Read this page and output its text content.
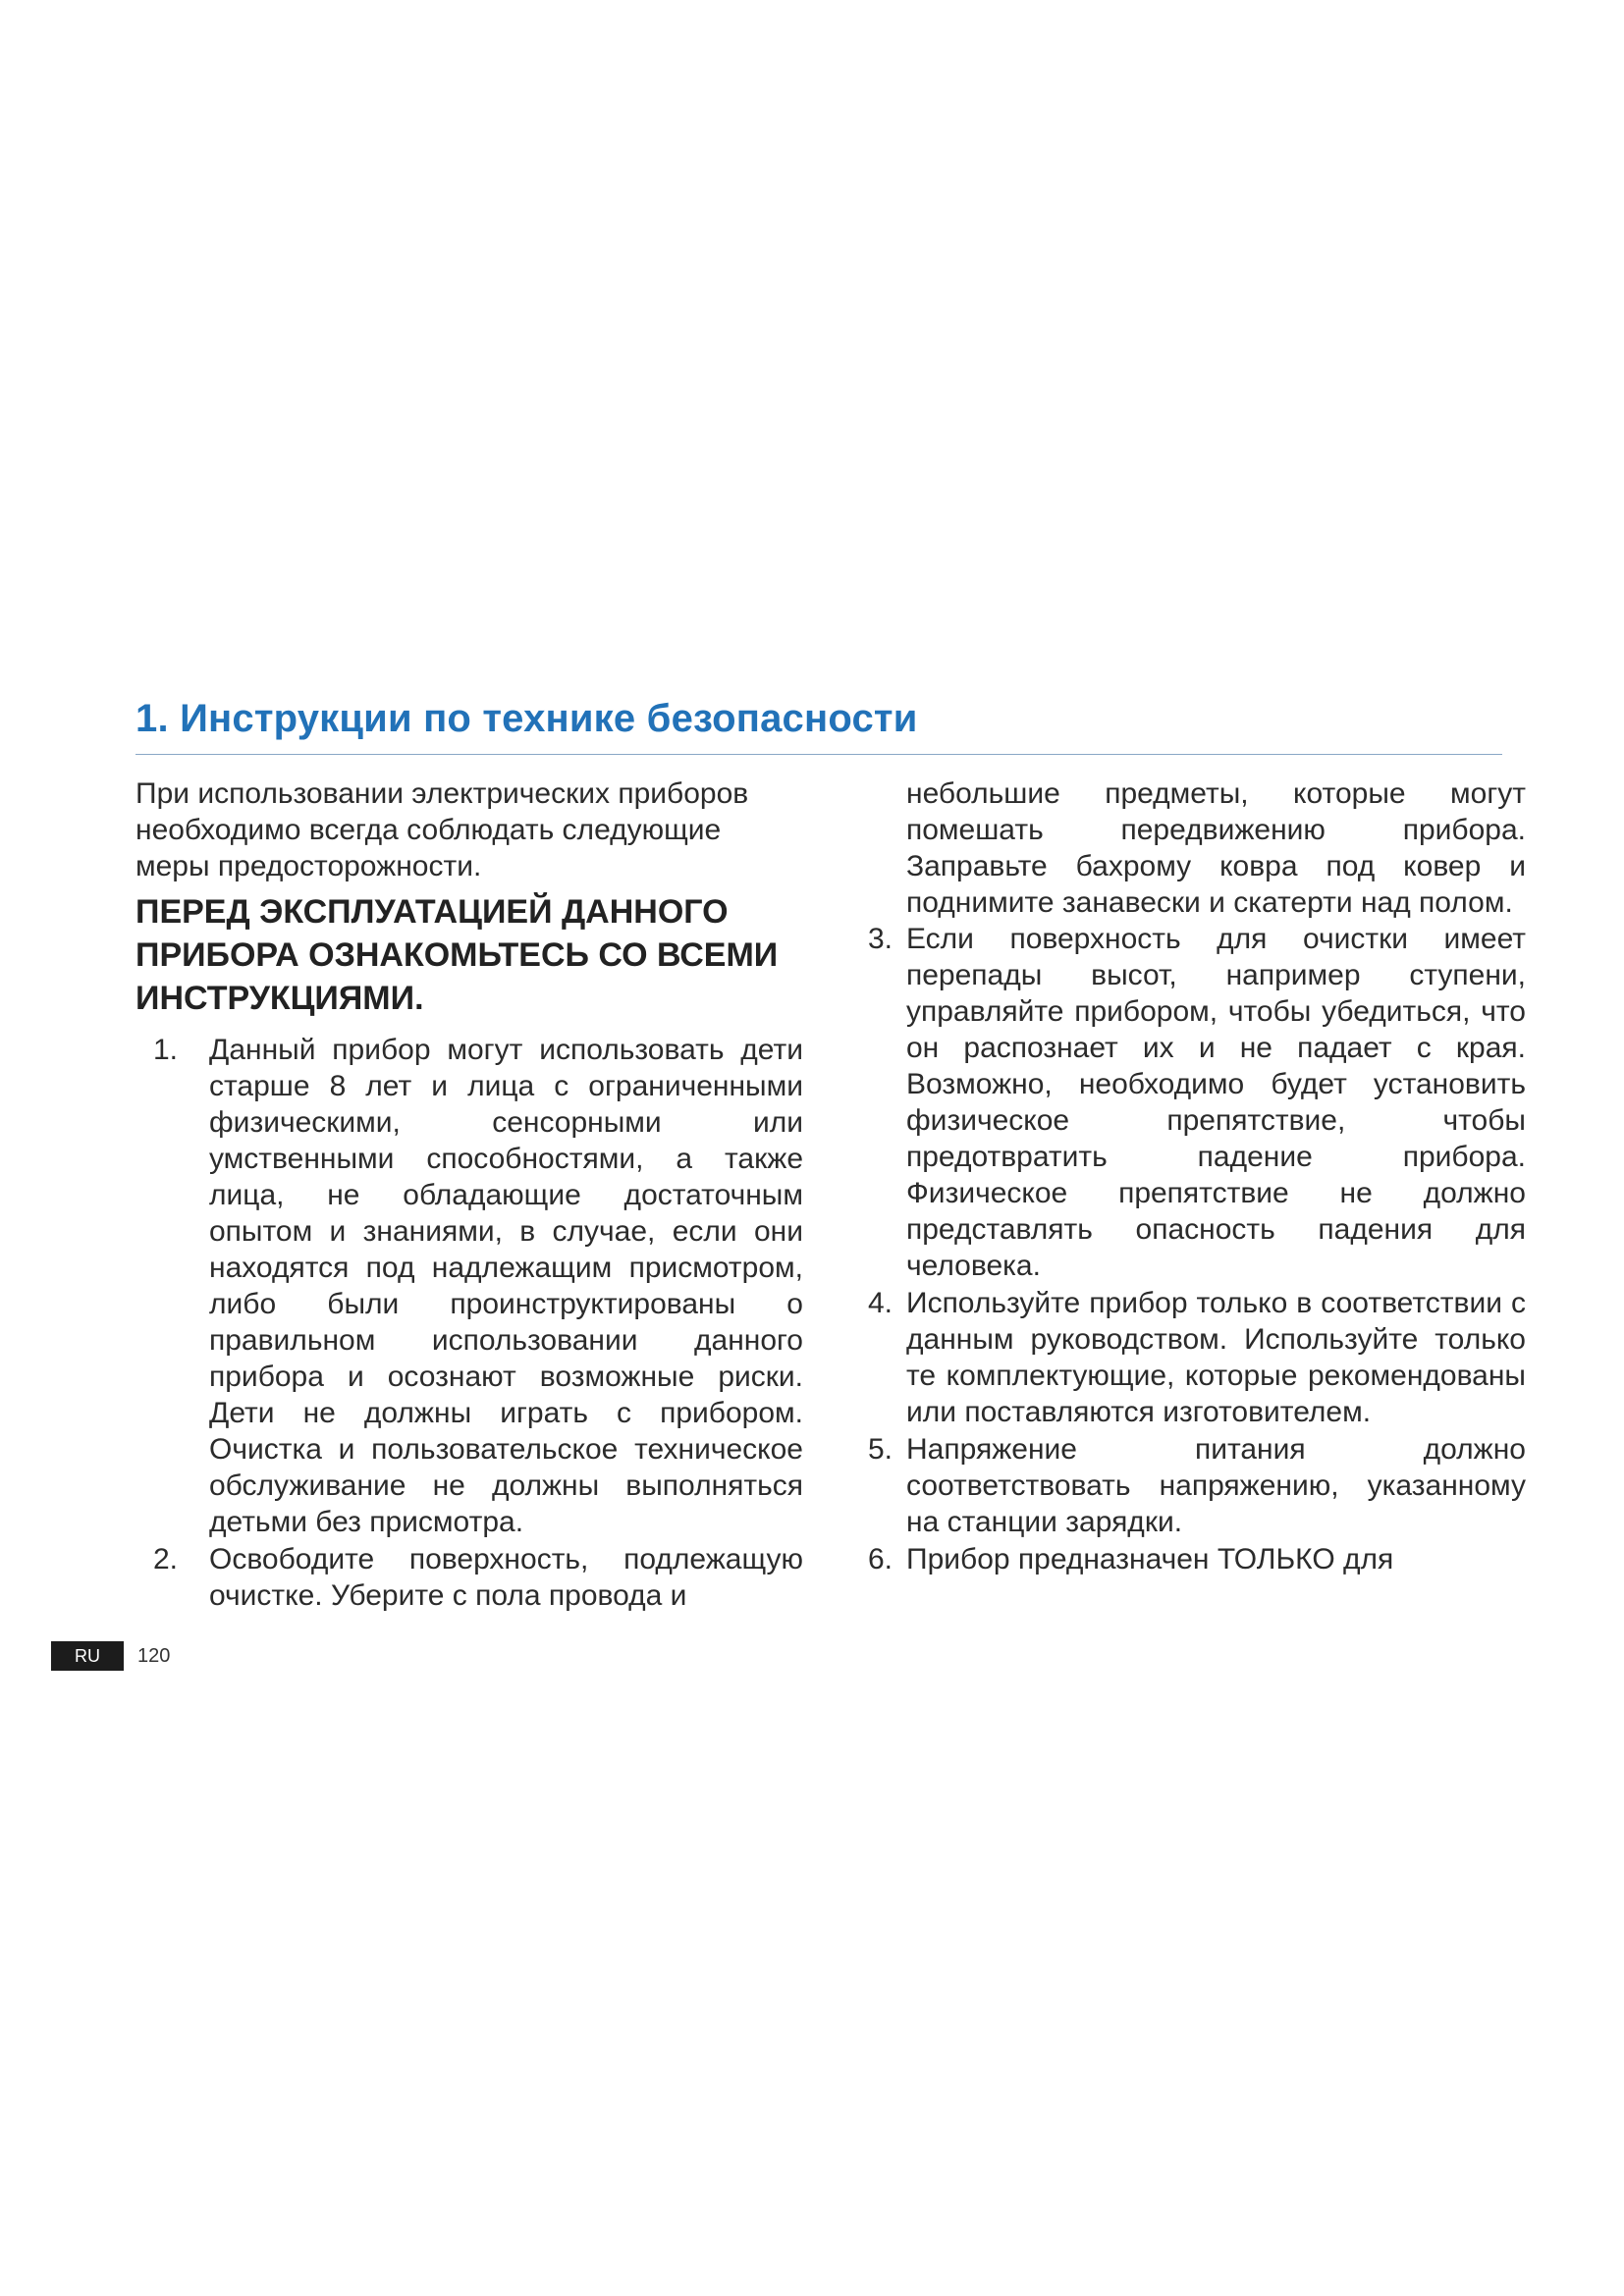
1. Инструкции по технике безопасности

При использовании электрических приборов необходимо всегда соблюдать следующие меры предосторожности.

ПЕРЕД ЭКСПЛУАТАЦИЕЙ ДАННОГО ПРИБОРА ОЗНАКОМЬТЕСЬ СО ВСЕМИ ИНСТРУКЦИЯМИ.

1. Данный прибор могут использовать дети старше 8 лет и лица с ограниченными физическими, сенсорными или умственными способностями, а также лица, не обладающие достаточным опытом и знаниями, в случае, если они находятся под надлежащим присмотром, либо были проинструктированы о правильном использовании данного прибора и осознают возможные риски. Дети не должны играть с прибором. Очистка и пользовательское техническое обслуживание не должны выполняться детьми без присмотра.
2. Освободите поверхность, подлежащую очистке. Уберите с пола провода и

небольшие предметы, которые могут помешать передвижению прибора. Заправьте бахрому ковра под ковер и поднимите занавески и скатерти над полом.

3. Если поверхность для очистки имеет перепады высот, например ступени, управляйте прибором, чтобы убедиться, что он распознает их и не падает с края. Возможно, необходимо будет установить физическое препятствие, чтобы предотвратить падение прибора. Физическое препятствие не должно представлять опасность падения для человека.
4. Используйте прибор только в соответствии с данным руководством. Используйте только те комплектующие, которые рекомендованы или поставляются изготовителем.
5. Напряжение питания должно соответствовать напряжению, указанному на станции зарядки.
6. Прибор предназначен ТОЛЬКО для
RU	120
